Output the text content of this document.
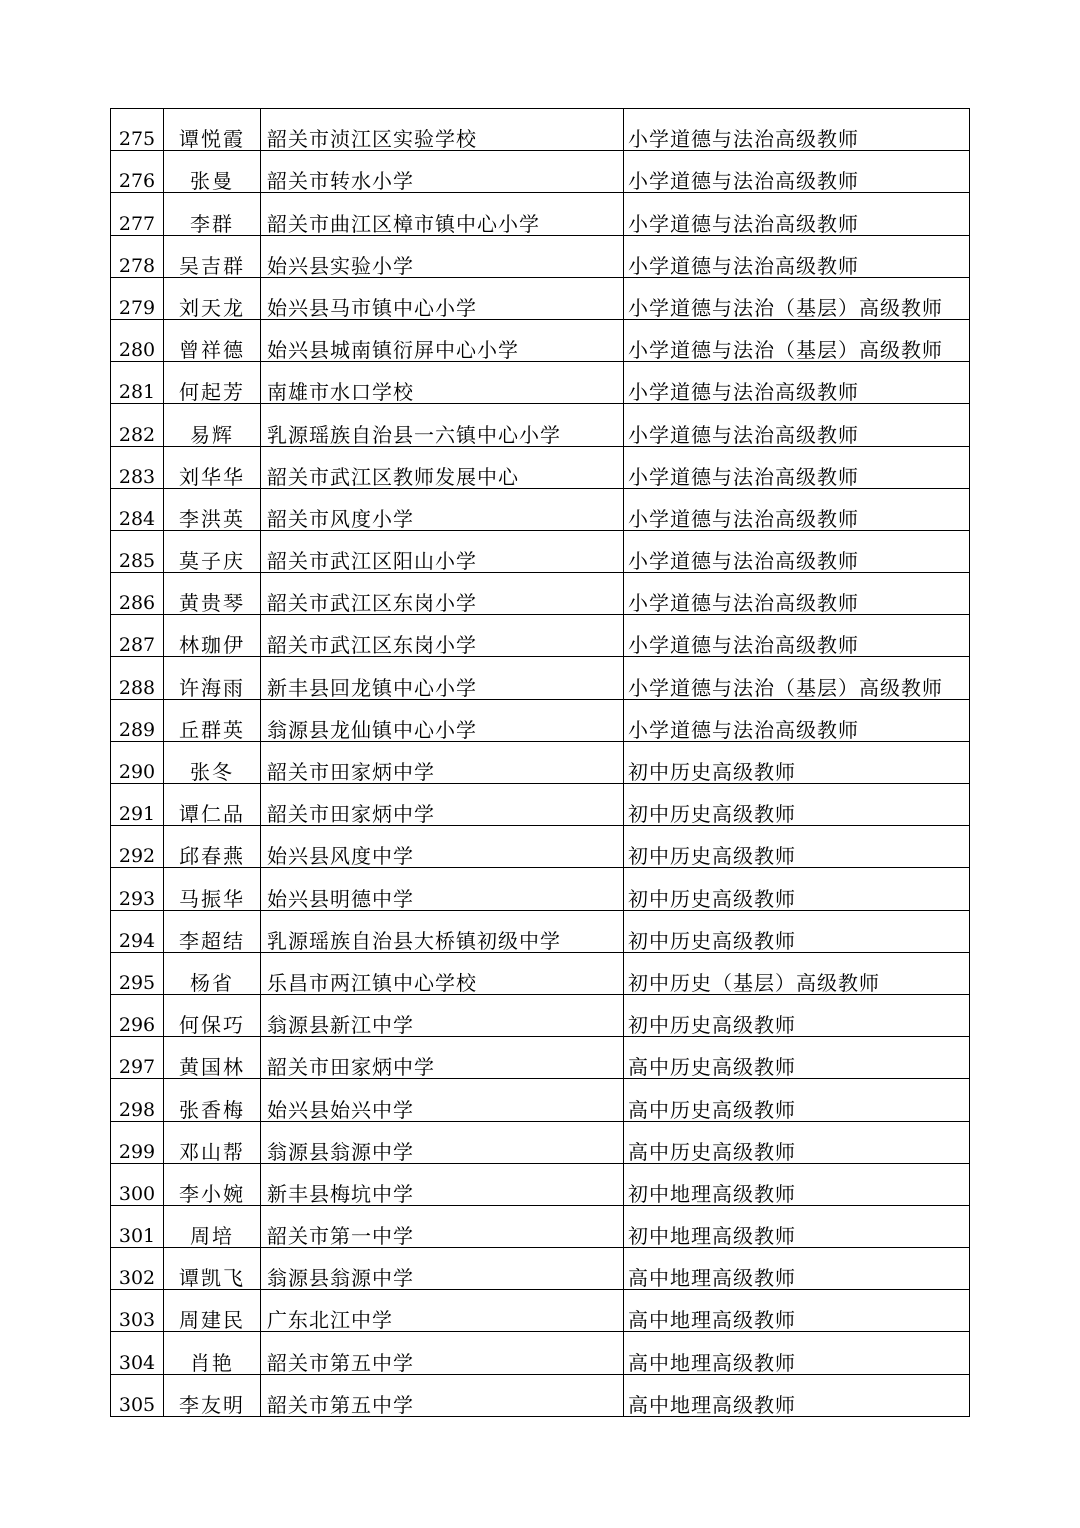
275	谭悦霞	韶关市浈江区实验学校	小学道德与法治高级教师
276	张曼	韶关市转水小学	小学道德与法治高级教师
277	李群	韶关市曲江区樟市镇中心小学	小学道德与法治高级教师
278	吴吉群	始兴县实验小学	小学道德与法治高级教师
279	刘天龙	始兴县马市镇中心小学	小学道德与法治（基层）高级教师
280	曾祥德	始兴县城南镇衍屏中心小学	小学道德与法治（基层）高级教师
281	何起芳	南雄市水口学校	小学道德与法治高级教师
282	易辉	乳源瑶族自治县一六镇中心小学	小学道德与法治高级教师
283	刘华华	韶关市武江区教师发展中心	小学道德与法治高级教师
284	李洪英	韶关市风度小学	小学道德与法治高级教师
285	莫子庆	韶关市武江区阳山小学	小学道德与法治高级教师
286	黄贵琴	韶关市武江区东岗小学	小学道德与法治高级教师
287	林珈伊	韶关市武江区东岗小学	小学道德与法治高级教师
288	许海雨	新丰县回龙镇中心小学	小学道德与法治（基层）高级教师
289	丘群英	翁源县龙仙镇中心小学	小学道德与法治高级教师
290	张冬	韶关市田家炳中学	初中历史高级教师
291	谭仁品	韶关市田家炳中学	初中历史高级教师
292	邱春燕	始兴县风度中学	初中历史高级教师
293	马振华	始兴县明德中学	初中历史高级教师
294	李超结	乳源瑶族自治县大桥镇初级中学	初中历史高级教师
295	杨省	乐昌市两江镇中心学校	初中历史（基层）高级教师
296	何保巧	翁源县新江中学	初中历史高级教师
297	黄国林	韶关市田家炳中学	高中历史高级教师
298	张香梅	始兴县始兴中学	高中历史高级教师
299	邓山帮	翁源县翁源中学	高中历史高级教师
300	李小婉	新丰县梅坑中学	初中地理高级教师
301	周培	韶关市第一中学	初中地理高级教师
302	谭凯飞	翁源县翁源中学	高中地理高级教师
303	周建民	广东北江中学	高中地理高级教师
304	肖艳	韶关市第五中学	高中地理高级教师
305	李友明	韶关市第五中学	高中地理高级教师
